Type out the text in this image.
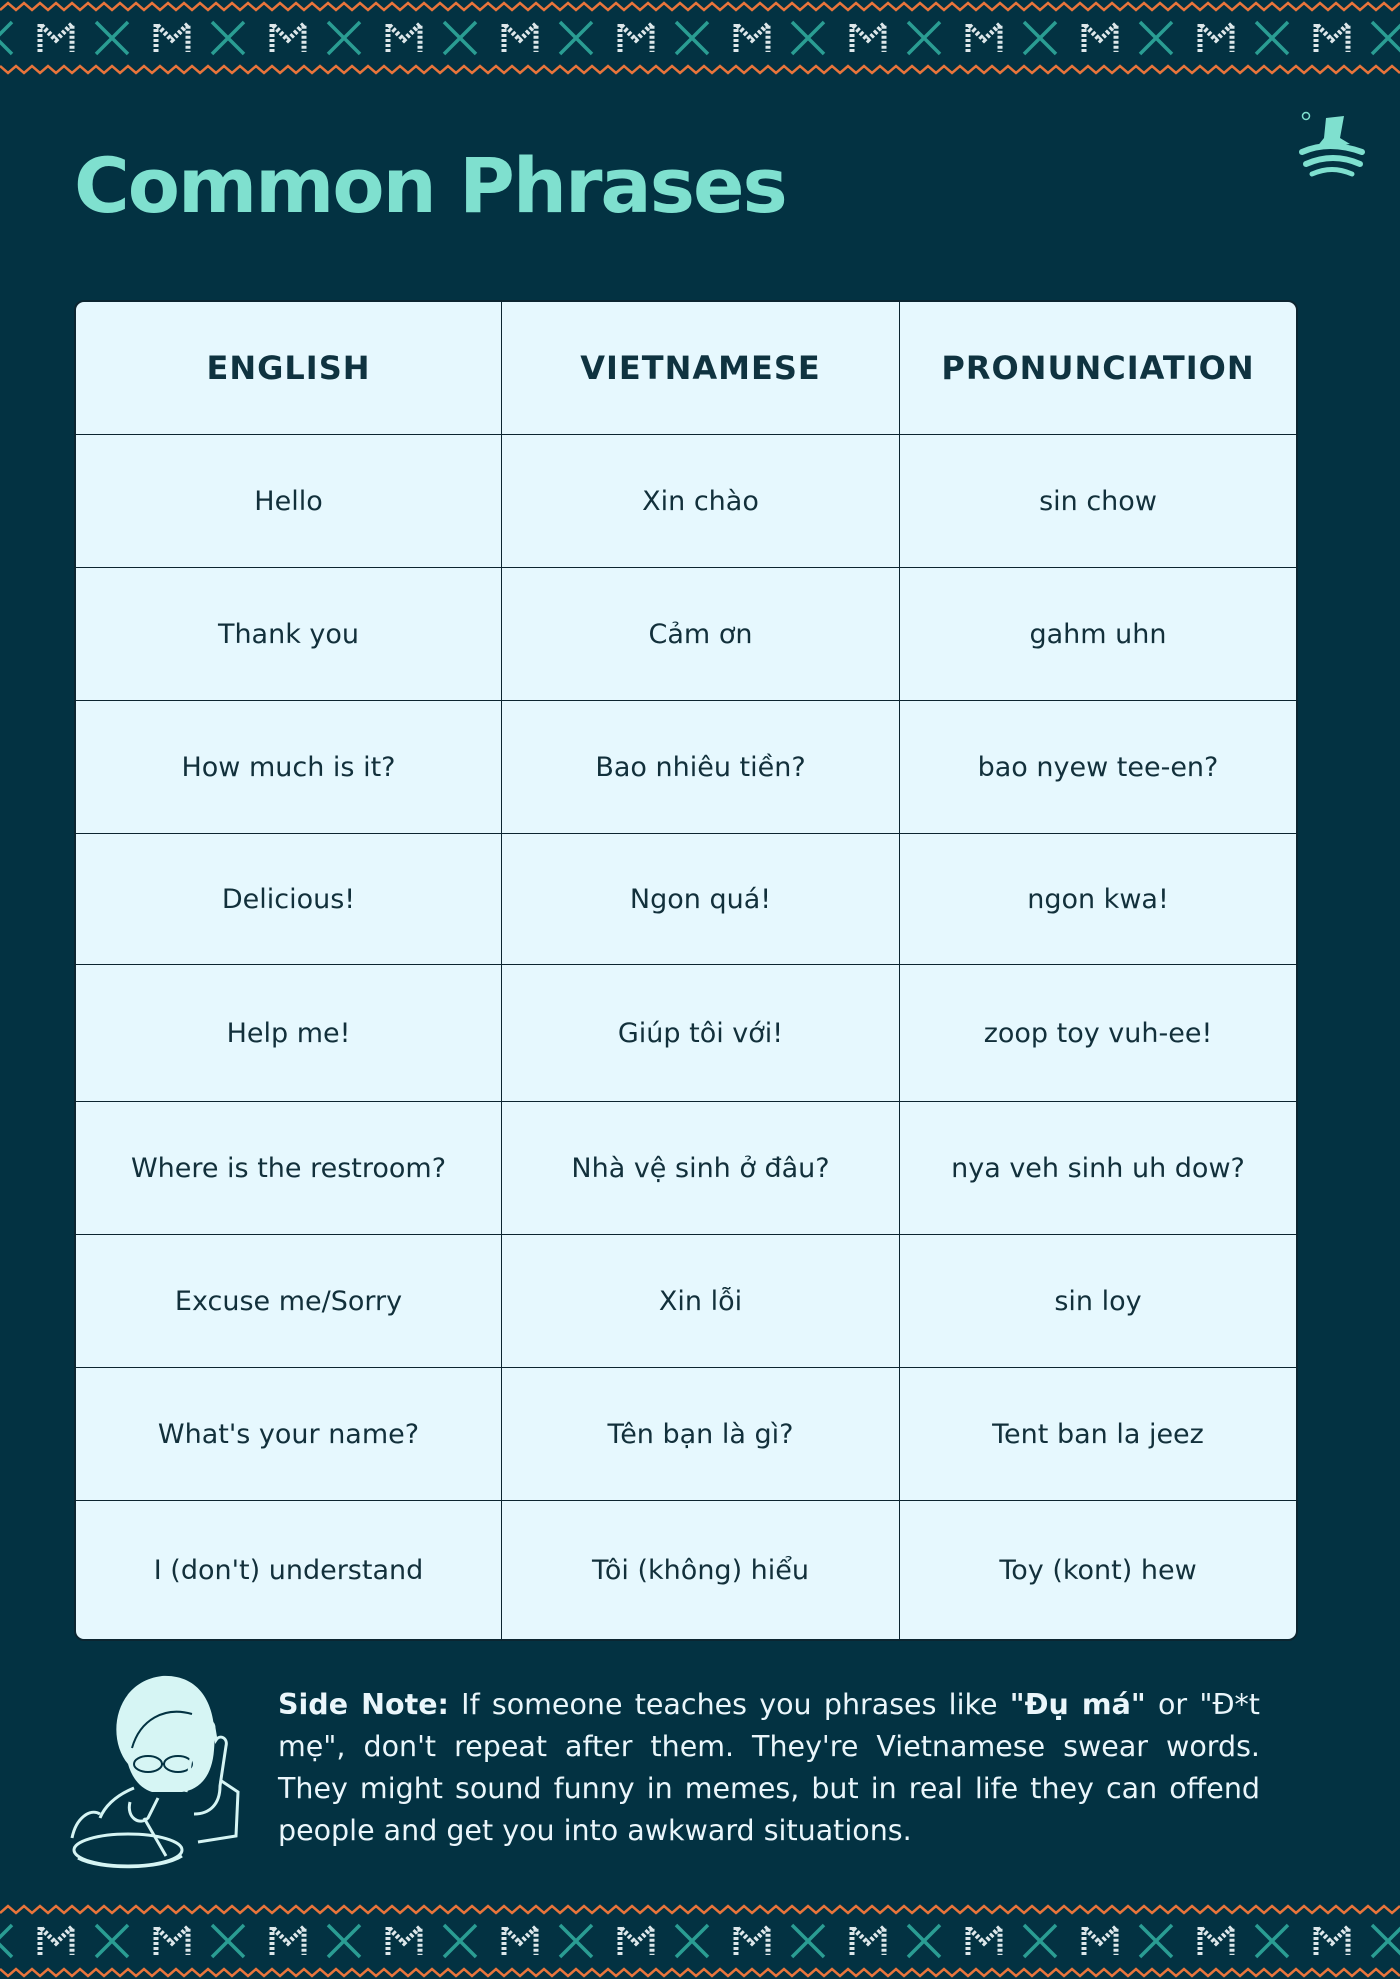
Common Phrases
ENGLISH	VIETNAMESE	PRONUNCIATION
Hello	Xin chào	sin chow
Thank you	Cảm ơn	gahm uhn
How much is it?	Bao nhiêu tiền?	bao nyew tee-en?
Delicious!	Ngon quá!	ngon kwa!
Help me!	Giúp tôi với!	zoop toy vuh-ee!
Where is the restroom?	Nhà vệ sinh ở đâu?	nya veh sinh uh dow?
Excuse me/Sorry	Xin lỗi	sin loy
What's your name?	Tên bạn là gì?	Tent ban la jeez
I (don't) understand	Tôi (không) hiểu	Toy (kont) hew

Side Note: If someone teaches you phrases like "Đụ má" or "Đ*t mẹ", don't repeat after them. They're Vietnamese swear words. They might sound funny in memes, but in real life they can offend people and get you into awkward situations.
